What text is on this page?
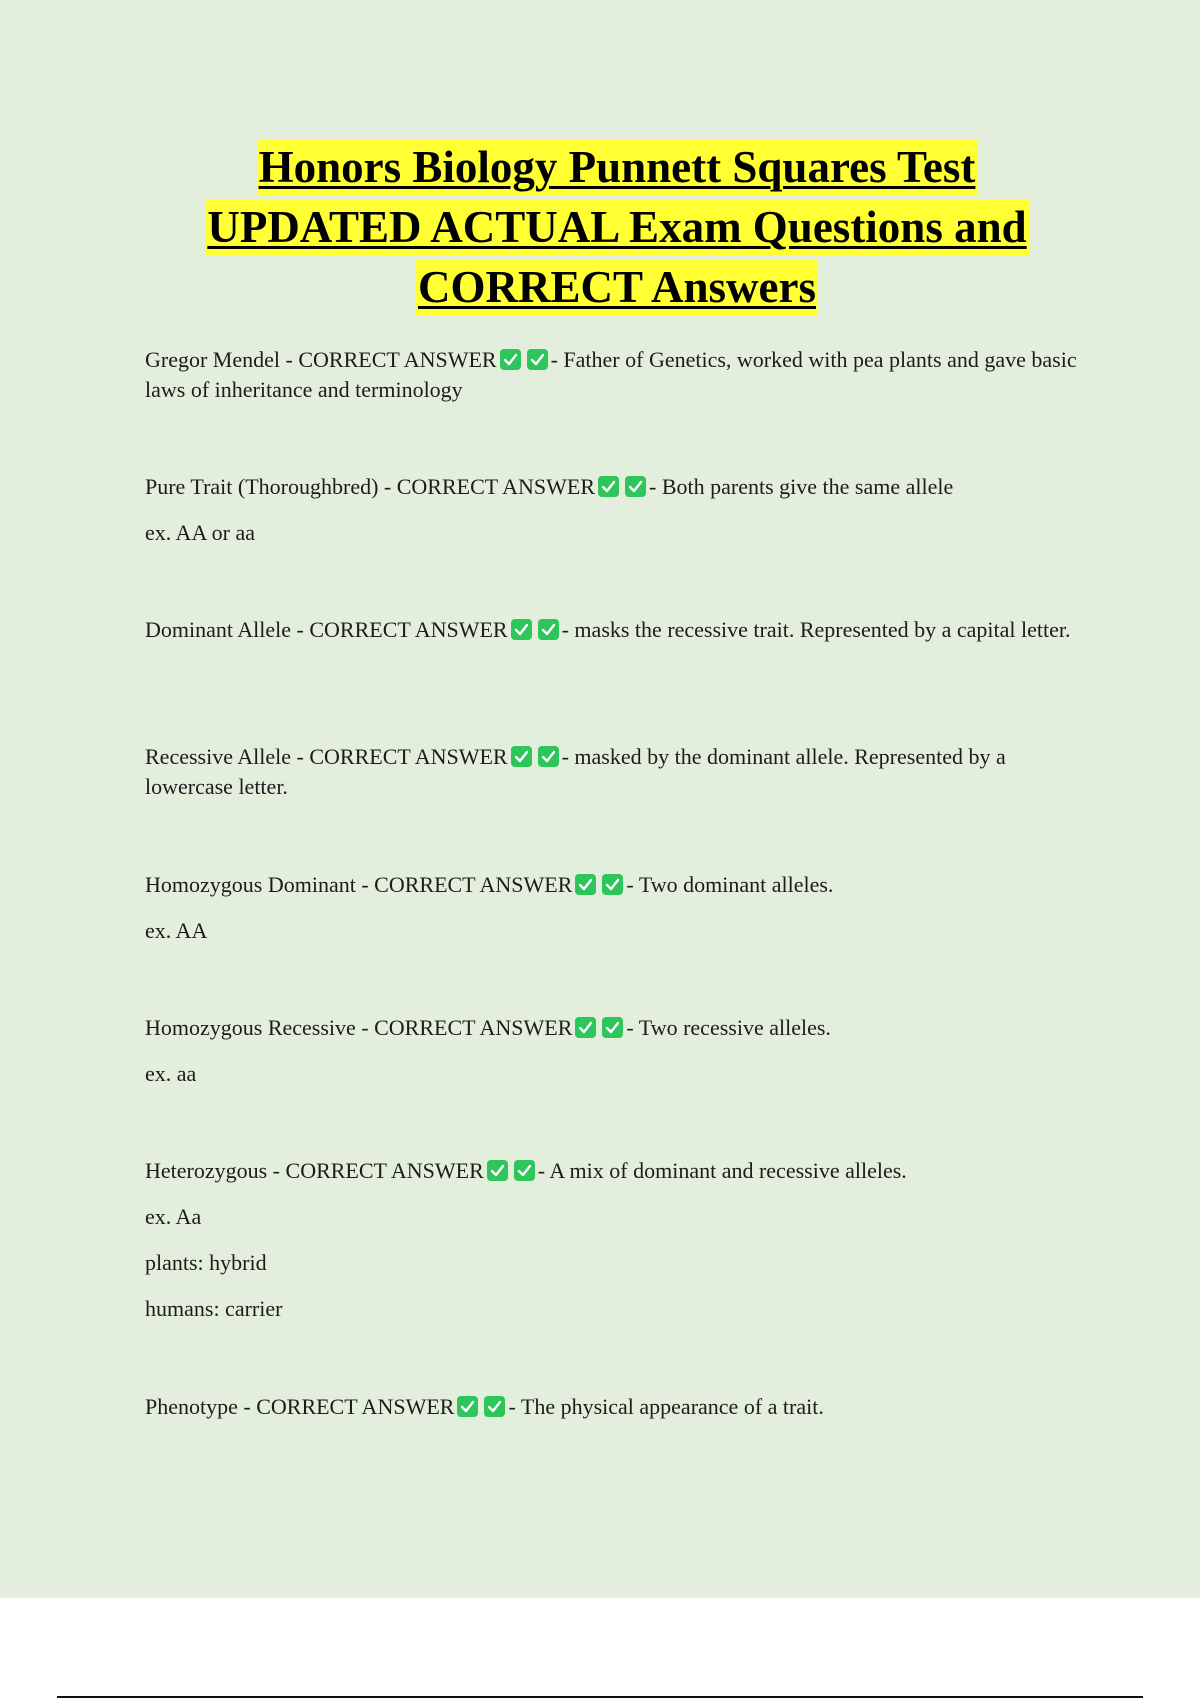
Honors Biology Punnett Squares Test
UPDATED ACTUAL Exam Questions and
CORRECT Answers

Gregor Mendel - CORRECT ANSWER - Father of Genetics, worked with pea plants and gave basic laws of inheritance and terminology

Pure Trait (Thoroughbred) - CORRECT ANSWER - Both parents give the same allele

ex. AA or aa

Dominant Allele - CORRECT ANSWER - masks the recessive trait. Represented by a capital letter.

Recessive Allele - CORRECT ANSWER - masked by the dominant allele. Represented by a lowercase letter.

Homozygous Dominant - CORRECT ANSWER - Two dominant alleles.

ex. AA

Homozygous Recessive - CORRECT ANSWER - Two recessive alleles.

ex. aa

Heterozygous - CORRECT ANSWER - A mix of dominant and recessive alleles.

ex. Aa

plants: hybrid

humans: carrier

Phenotype - CORRECT ANSWER - The physical appearance of a trait.
